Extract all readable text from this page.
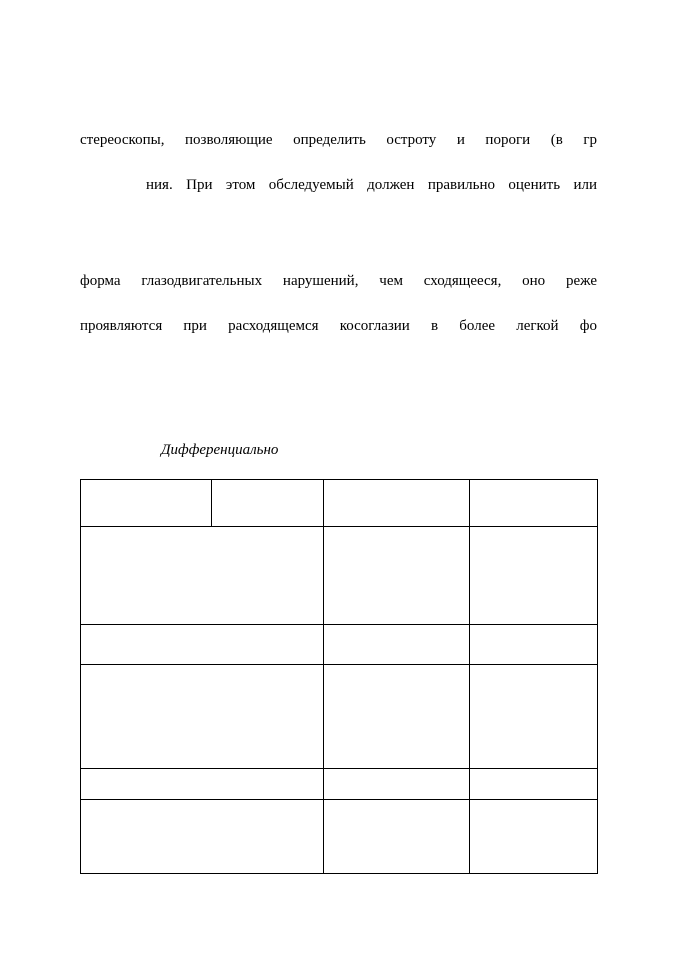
стереоскопы, позволяющие определить остроту и пороги (в гр
ния. При этом обследуемый должен правильно оценить или
форма глазодвигательных нарушений, чем сходящееся, оно реже
проявляются при расходящемся косоглазии в более легкой фо
Дифференциально
